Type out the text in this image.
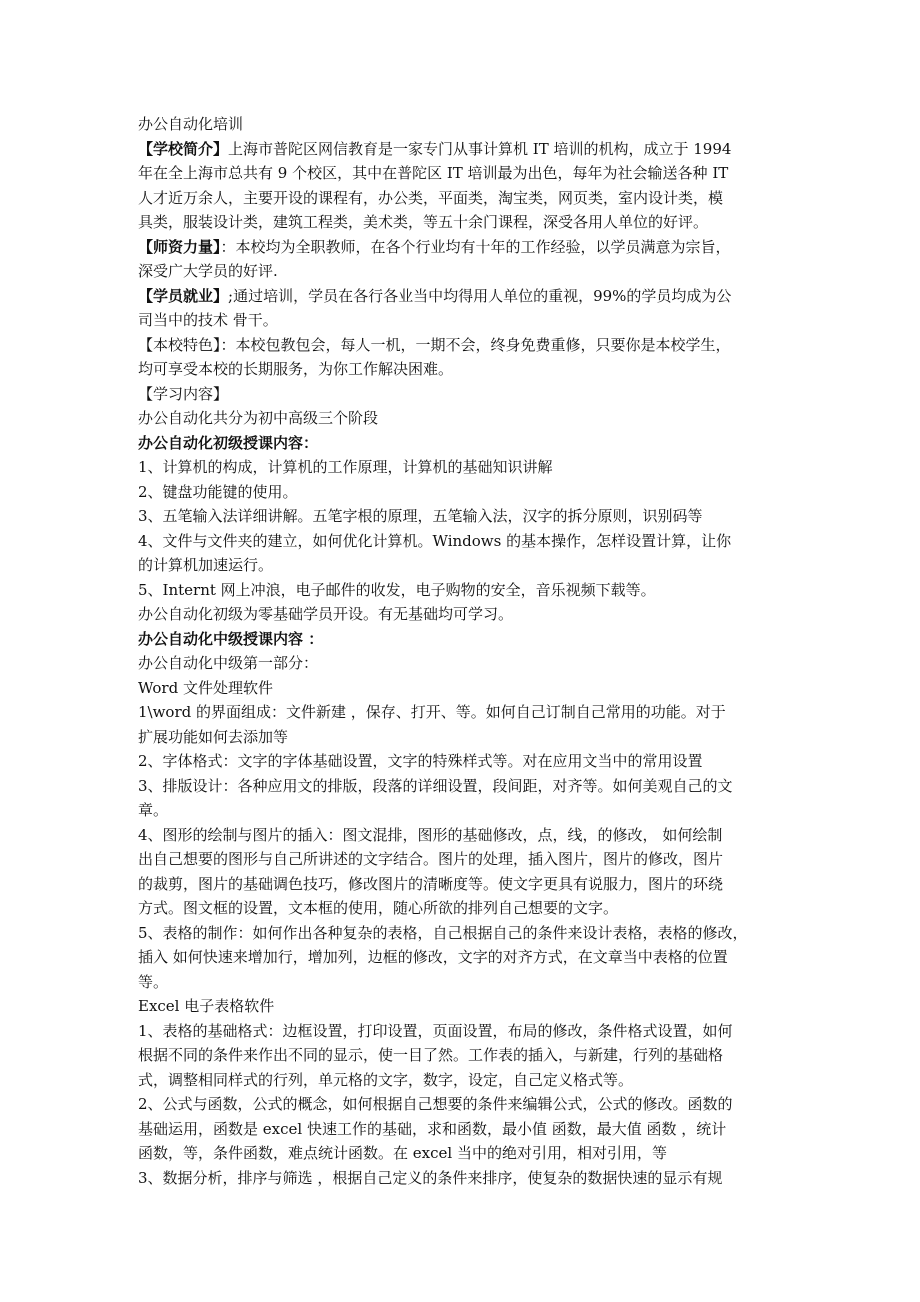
办公自动化培训
【学校简介】上海市普陀区网信教育是一家专门从事计算机 IT 培训的机构，成立于 1994
年在全上海市总共有 9 个校区，其中在普陀区 IT 培训最为出色，每年为社会输送各种 IT
人才近万余人，主要开设的课程有，办公类，平面类，淘宝类，网页类，室内设计类，模
具类，服装设计类，建筑工程类，美术类，等五十余门课程，深受各用人单位的好评。
【师资力量】：本校均为全职教师，在各个行业均有十年的工作经验，以学员满意为宗旨，
深受广大学员的好评.
【学员就业】;通过培训，学员在各行各业当中均得用人单位的重视，99%的学员均成为公
司当中的技术 骨干。
【本校特色】：本校包教包会，每人一机，一期不会，终身免费重修，只要你是本校学生，
均可享受本校的长期服务，为你工作解决困难。
【学习内容】
办公自动化共分为初中高级三个阶段
办公自动化初级授课内容：
1、计算机的构成，计算机的工作原理，计算机的基础知识讲解
2、键盘功能键的使用。
3、五笔输入法详细讲解。五笔字根的原理，五笔输入法，汉字的拆分原则，识别码等
4、文件与文件夹的建立，如何优化计算机。Windows 的基本操作，怎样设置计算，让你
的计算机加速运行。
5、Internt 网上冲浪，电子邮件的收发，电子购物的安全，音乐视频下载等。
办公自动化初级为零基础学员开设。有无基础均可学习。
办公自动化中级授课内容 ：
办公自动化中级第一部分：
Word 文件处理软件
1\word 的界面组成：文件新建 ，保存、打开、等。如何自己订制自己常用的功能。对于
扩展功能如何去添加等
2、字体格式：文字的字体基础设置，文字的特殊样式等。对在应用文当中的常用设置
3、排版设计：各种应用文的排版，段落的详细设置，段间距，对齐等。如何美观自己的文
章。
4、图形的绘制与图片的插入：图文混排，图形的基础修改，点，线，的修改， 如何绘制
出自己想要的图形与自己所讲述的文字结合。图片的处理，插入图片，图片的修改，图片
的裁剪，图片的基础调色技巧，修改图片的清晰度等。使文字更具有说服力，图片的环绕
方式。图文框的设置，文本框的使用，随心所欲的排列自己想要的文字。
5、表格的制作：如何作出各种复杂的表格，自己根据自己的条件来设计表格，表格的修改，
插入 如何快速来增加行，增加列，边框的修改，文字的对齐方式，在文章当中表格的位置
等。
Excel 电子表格软件
1、表格的基础格式：边框设置，打印设置，页面设置，布局的修改，条件格式设置，如何
根据不同的条件来作出不同的显示，使一目了然。工作表的插入，与新建，行列的基础格
式，调整相同样式的行列，单元格的文字，数字，设定，自己定义格式等。
2、公式与函数，公式的概念，如何根据自己想要的条件来编辑公式，公式的修改。函数的
基础运用，函数是 excel 快速工作的基础，求和函数，最小值 函数，最大值 函数 ，统计
函数，等，条件函数，难点统计函数。在 excel 当中的绝对引用，相对引用，等
3、数据分析，排序与筛选 ，根据自己定义的条件来排序，使复杂的数据快速的显示有规
